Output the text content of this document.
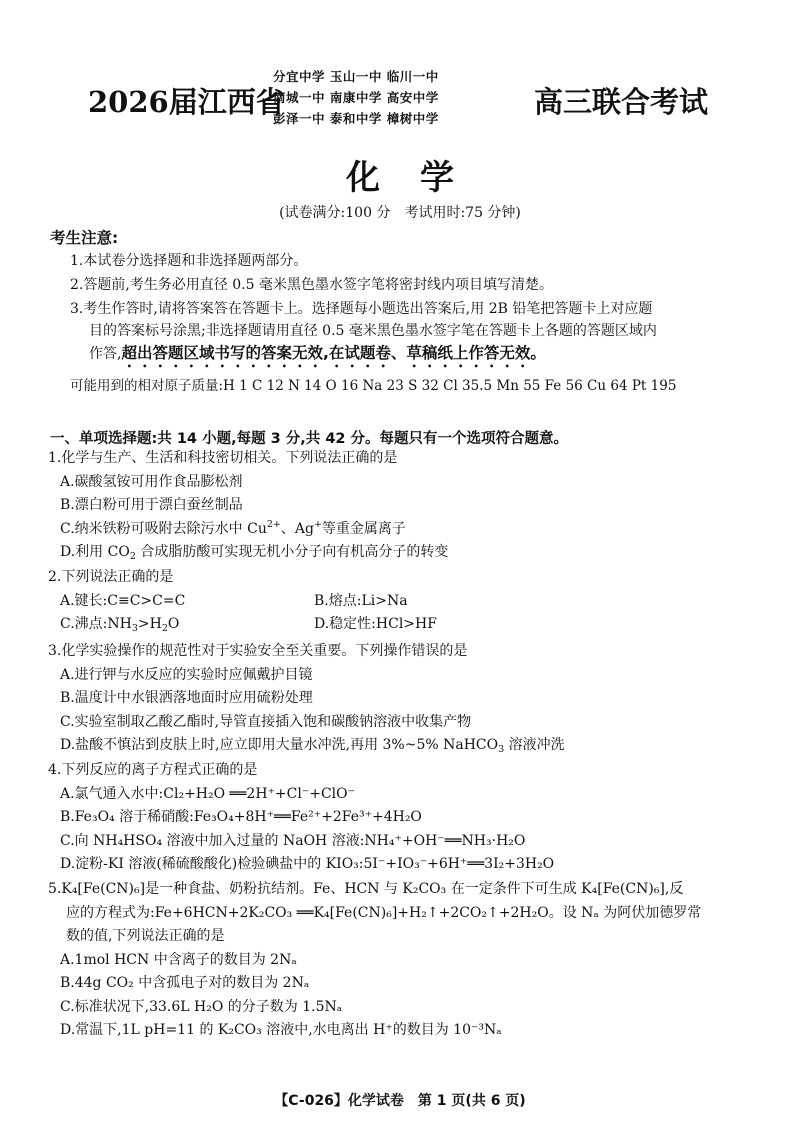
2026届江西省
分宜中学 玉山一中 临川一中
南城一中 南康中学 高安中学
彭泽一中 泰和中学 樟树中学	高三联合考试
化学
(试卷满分:100 分　考试用时:75 分钟)
考生注意:
1.本试卷分选择题和非选择题两部分。
2.答题前,考生务必用直径 0.5 毫米黑色墨水签字笔将密封线内项目填写清楚。
3.考生作答时,请将答案答在答题卡上。选择题每小题选出答案后,用 2B 铅笔把答题卡上对应题
目的答案标号涂黑;非选择题请用直径 0.5 毫米黑色墨水签字笔在答题卡上各题的答题区域内
作答,超出答题区域书写的答案无效,在试题卷、草稿纸上作答无效。
可能用到的相对原子质量:H 1 C 12 N 14 O 16 Na 23 S 32 Cl 35.5 Mn 55 Fe 56 Cu 64 Pt 195
一、单项选择题:共 14 小题,每题 3 分,共 42 分。每题只有一个选项符合题意。
1.化学与生产、生活和科技密切相关。下列说法正确的是
A.碳酸氢铵可用作食品膨松剂
B.漂白粉可用于漂白蚕丝制品
C.纳米铁粉可吸附去除污水中 $Cu^{2+}$、Ag+等重金属离子
D.利用 $CO_2$ 合成脂肪酸可实现无机小分子向有机高分子的转变
2.下列说法正确的是
A.键长:C≡C>C=C	B.熔点:Li>Na
C.沸点$:NH_3>H_2O$	D.稳定性:HCl>HF
3.化学实验操作的规范性对于实验安全至关重要。下列操作错误的是
A.进行钾与水反应的实验时应佩戴护目镜
B.温度计中水银洒落地面时应用硫粉处理
C.实验室制取乙酸乙酯时,导管直接插入饱和碳酸钠溶液中收集产物
D.盐酸不慎沾到皮肤上时,应立即用大量水冲洗,再用 3%~5% NaHCO$_3$ 溶液冲洗
4.下列反应的离子方程式正确的是
A.氯气通入水中:Cl₂+H₂O ══2H⁺+Cl⁻+ClO⁻
B.Fe₃O₄ 溶于稀硝酸:Fe₃O₄+8H⁺══Fe²⁺+2Fe³⁺+4H₂O
C.向 NH₄HSO₄ 溶液中加入过量的 NaOH 溶液:NH₄⁺+OH⁻══NH₃·H₂O
D.淀粉-KI 溶液(稀硫酸酸化)检验碘盐中的 KIO₃:5I⁻+IO₃⁻+6H⁺══3I₂+3H₂O
5.K₄[Fe(CN)₆]是一种食盐、奶粉抗结剂。Fe、HCN 与 K₂CO₃ 在一定条件下可生成 K₄[Fe(CN)₆],反
应的方程式为:Fe+6HCN+2K₂CO₃ ══K₄[Fe(CN)₆]+H₂↑+2CO₂↑+2H₂O。设 Nₐ 为阿伏加德罗常
数的值,下列说法正确的是
A.1mol HCN 中含离子的数目为 2Nₐ
B.44g CO₂ 中含孤电子对的数目为 2Nₐ
C.标准状况下,33.6L H₂O 的分子数为 1.5Nₐ
D.常温下,1L pH=11 的 K₂CO₃ 溶液中,水电离出 H⁺的数目为 10⁻³Nₐ
【C-026】化学试卷　第 1 页(共 6 页)
